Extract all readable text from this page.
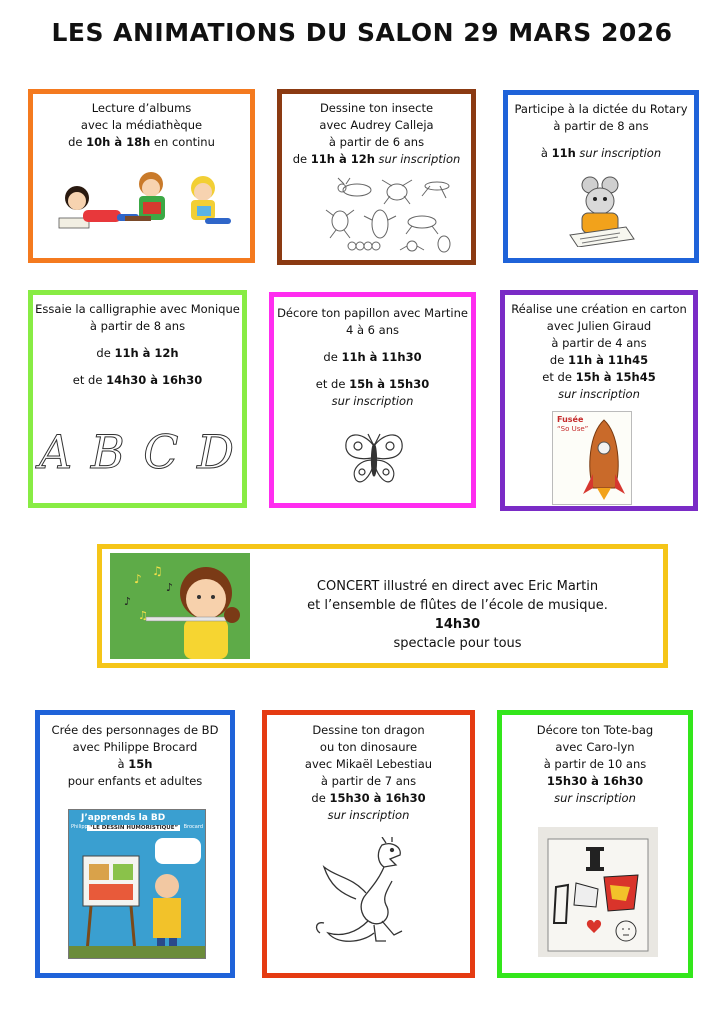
LES ANIMATIONS DU SALON 29 MARS 2026
Lecture d’albums
avec la médiathèque
de 10h à 18h en continu
Dessine ton insecte
avec Audrey Calleja
à partir de 6 ans
de 11h à 12h sur inscription
Participe à la dictée du Rotary
à partir de 8 ans
à 11h sur inscription
Essaie la calligraphie avec Monique
à partir de 8 ans
de 11h à 12h
et de 14h30 à 16h30
A B C D
Décore ton papillon avec Martine
4 à 6 ans
de 11h à 11h30
et de 15h à 15h30
sur inscription
Réalise une création en carton
avec Julien Giraud
à partir de 4 ans
de 11h à 11h45
et de 15h à 15h45
sur inscription
Fusée
“So Use”
♪
♫
♪
♪
♫
CONCERT illustré en direct avec Eric Martin
et l’ensemble de flûtes de l’école de musique.
14h30
spectacle pour tous
Crée des personnages de BD
avec Philippe Brocard
à 15h
pour enfants et adultes
J’apprends la BD
“LE DESSIN HUMORISTIQUE”
Philippe	Brocard
Dessine ton dragon
ou ton dinosaure
avec Mikaël Lebestiau
à partir de 7 ans
de 15h30 à 16h30
sur inscription
Décore ton Tote-bag
avec Caro-lyn
à partir de 10 ans
15h30 à 16h30
sur inscription
